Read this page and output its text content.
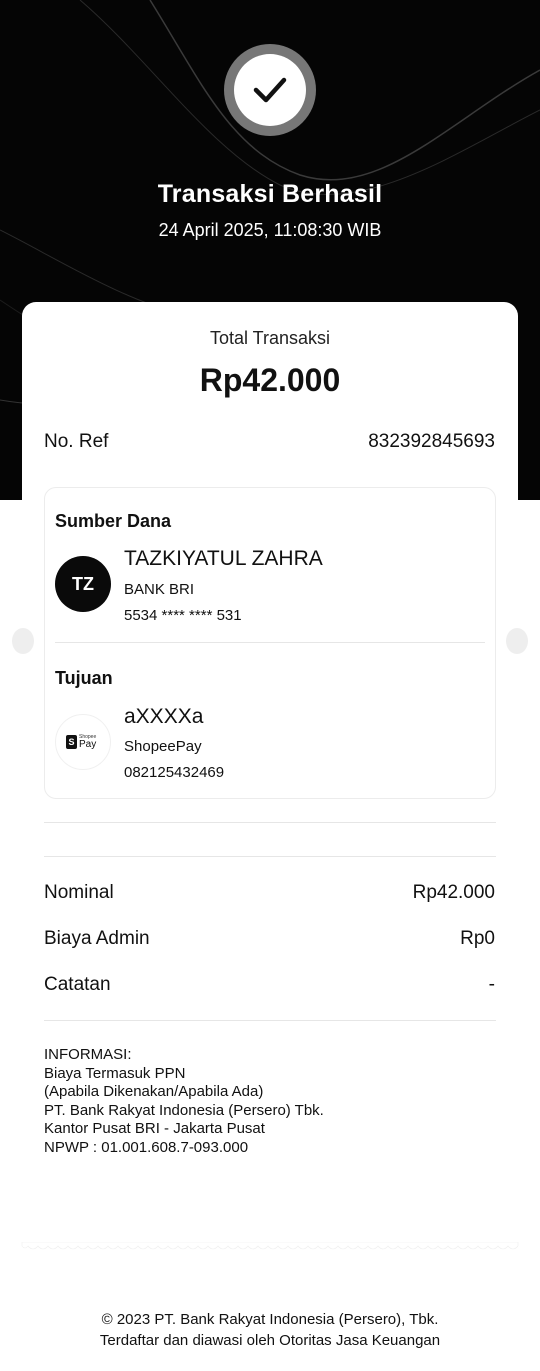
Transaksi Berhasil
24 April 2025, 11:08:30 WIB
Total Transaksi
Rp42.000
No. Ref	832392845693
Sumber Dana
TZ
TAZKIYATUL ZAHRA
BANK BRI
5534 **** **** 531
Tujuan
S Shopee
Pay
aXXXXa
ShopeePay
082125432469
Nominal	Rp42.000
Biaya Admin	Rp0
Catatan	-
INFORMASI:
Biaya Termasuk PPN
(Apabila Dikenakan/Apabila Ada)
PT. Bank Rakyat Indonesia (Persero) Tbk.
Kantor Pusat BRI - Jakarta Pusat
NPWP : 01.001.608.7-093.000
© 2023 PT. Bank Rakyat Indonesia (Persero), Tbk.
Terdaftar dan diawasi oleh Otoritas Jasa Keuangan
